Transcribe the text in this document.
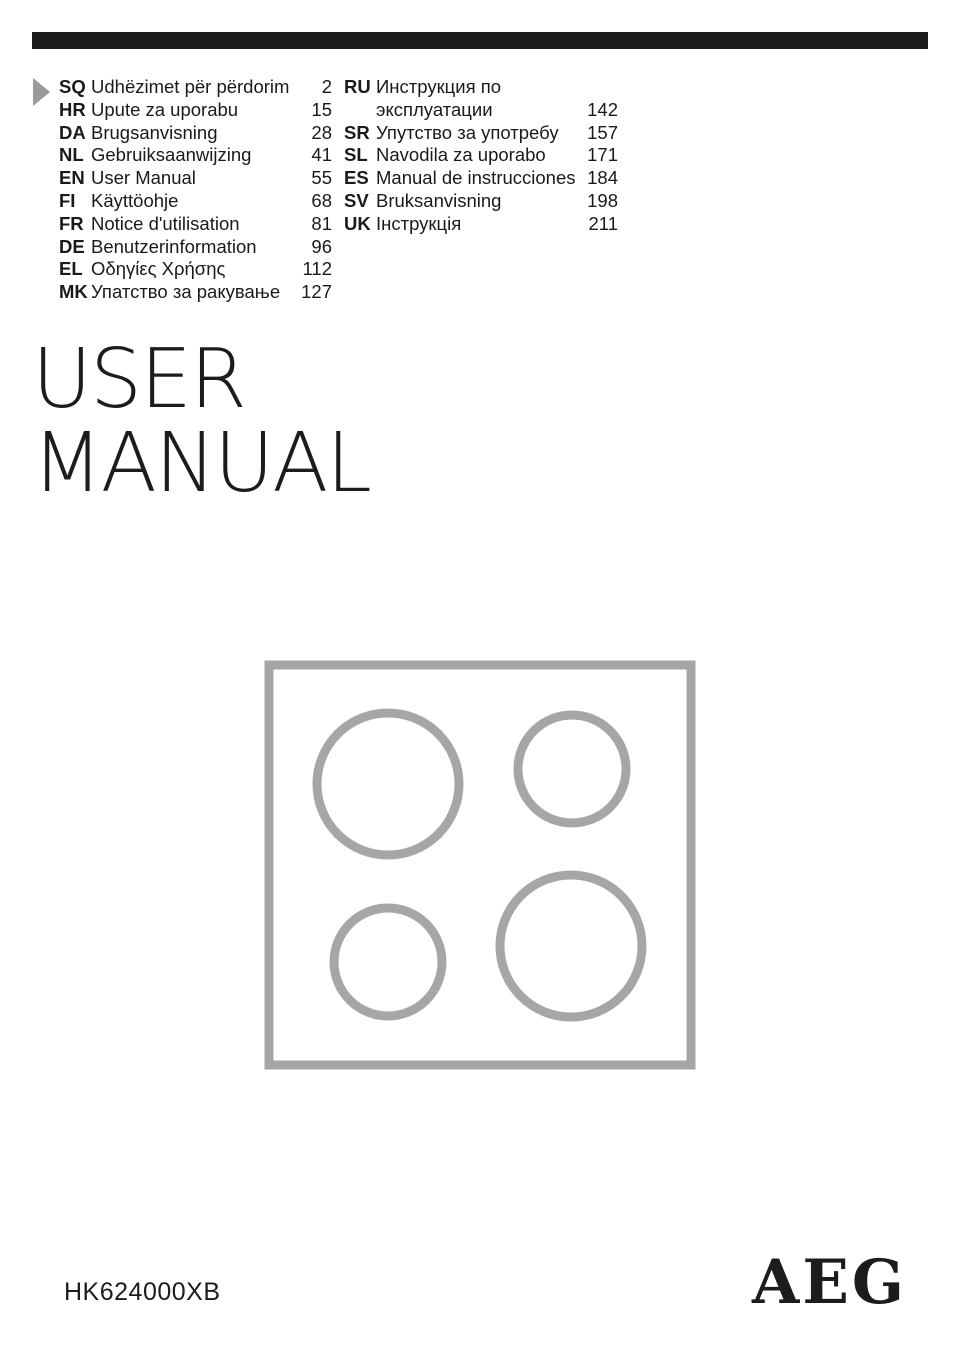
SQ Udhëzimet për përdorim 2
HR Upute za uporabu	15
DA Brugsanvisning	28
NL Gebruiksaanwijzing	41
EN User Manual	55
FI Käyttöohje	68
FR Notice d'utilisation	81
DE Benutzerinformation	96
EL Οδηγίες Χρήσης	112
MK Упатство за ракување 127
RU Инструкция по
эксплуатации	142
SR Упутство за употребу 157
SL Navodila za uporabo 171
ES Manual de instrucciones 184
SV Bruksanvisning	198
UK Інструкція	211
USER
MANUAL
HK624000XB	AEG
